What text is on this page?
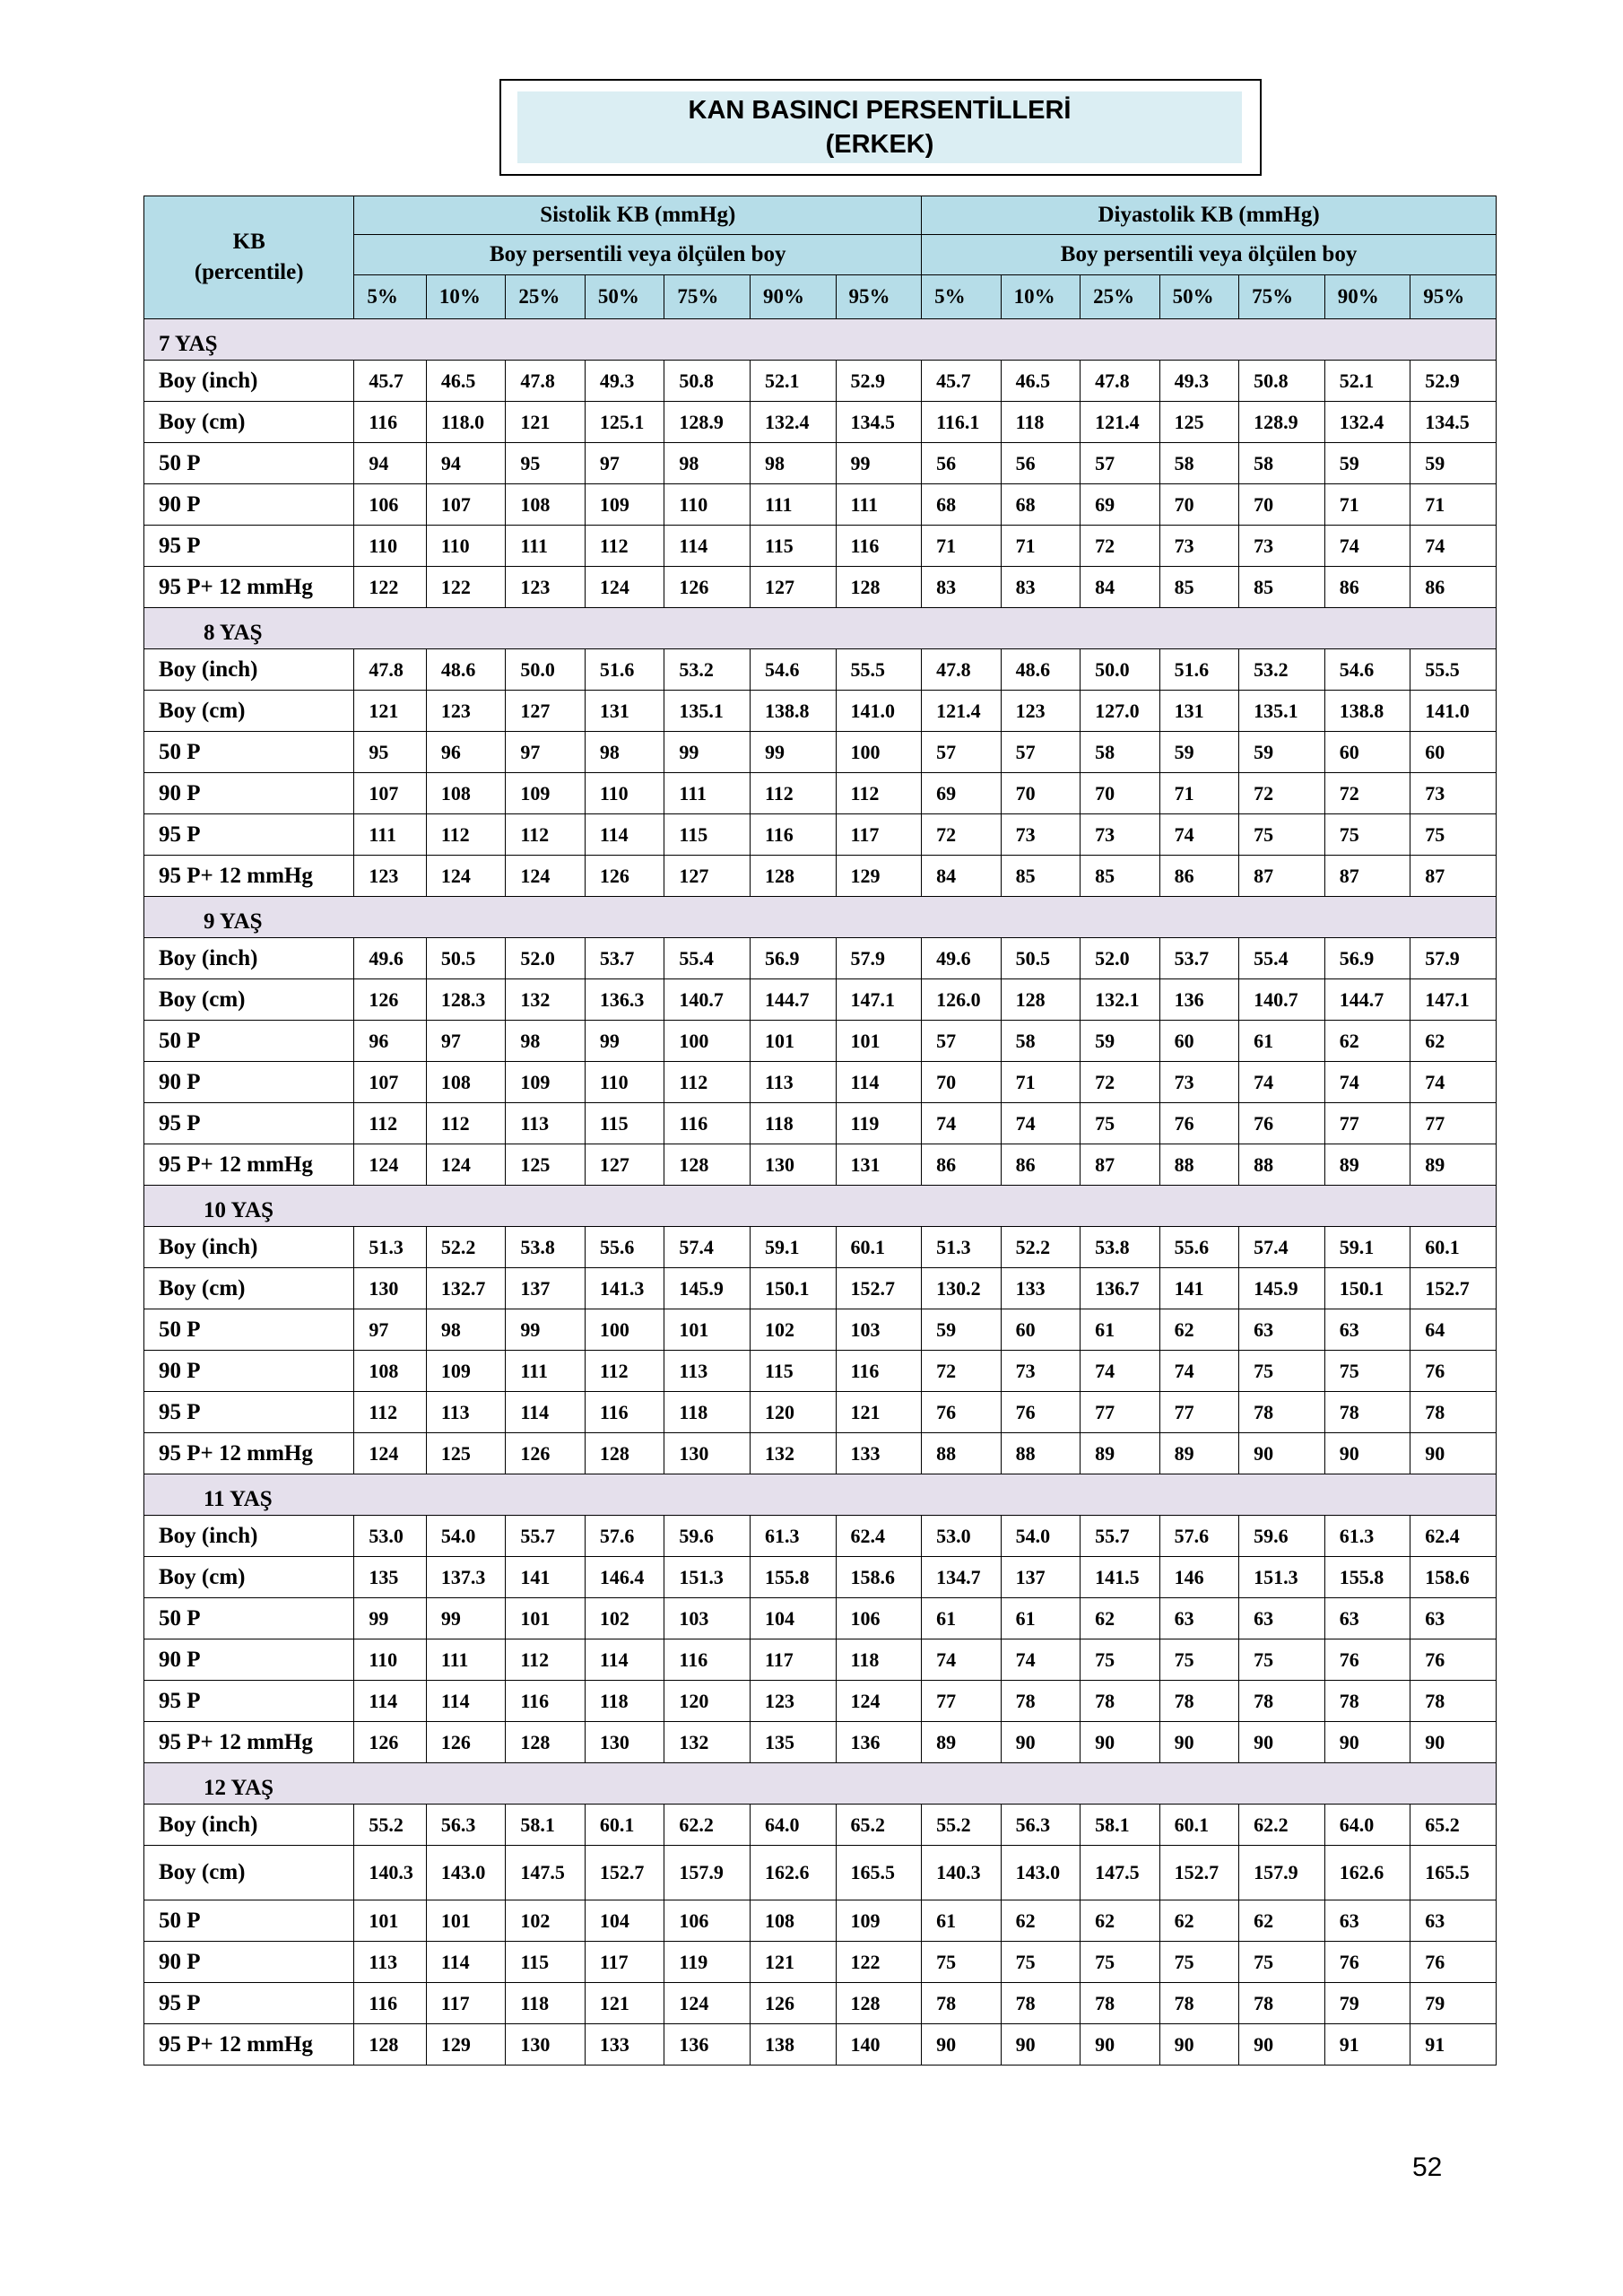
KAN BASINCI PERSENTİLLERİ
(ERKEK)
KB
(percentile)	Sistolik KB (mmHg)							Diyastolik KB (mmHg)						
	Boy persentili veya ölçülen boy							Boy persentili veya ölçülen boy						
	5%	10%	25%	50%	75%	90%	95%	5%	10%	25%	50%	75%	90%	95%
7 YAŞ														
Boy (inch)	45.7	46.5	47.8	49.3	50.8	52.1	52.9	45.7	46.5	47.8	49.3	50.8	52.1	52.9
Boy (cm)	116	118.0	121	125.1	128.9	132.4	134.5	116.1	118	121.4	125	128.9	132.4	134.5
50 P	94	94	95	97	98	98	99	56	56	57	58	58	59	59
90 P	106	107	108	109	110	111	111	68	68	69	70	70	71	71
95 P	110	110	111	112	114	115	116	71	71	72	73	73	74	74
95 P+ 12 mmHg	122	122	123	124	126	127	128	83	83	84	85	85	86	86
8 YAŞ														
Boy (inch)	47.8	48.6	50.0	51.6	53.2	54.6	55.5	47.8	48.6	50.0	51.6	53.2	54.6	55.5
Boy (cm)	121	123	127	131	135.1	138.8	141.0	121.4	123	127.0	131	135.1	138.8	141.0
50 P	95	96	97	98	99	99	100	57	57	58	59	59	60	60
90 P	107	108	109	110	111	112	112	69	70	70	71	72	72	73
95 P	111	112	112	114	115	116	117	72	73	73	74	75	75	75
95 P+ 12 mmHg	123	124	124	126	127	128	129	84	85	85	86	87	87	87
9 YAŞ														
Boy (inch)	49.6	50.5	52.0	53.7	55.4	56.9	57.9	49.6	50.5	52.0	53.7	55.4	56.9	57.9
Boy (cm)	126	128.3	132	136.3	140.7	144.7	147.1	126.0	128	132.1	136	140.7	144.7	147.1
50 P	96	97	98	99	100	101	101	57	58	59	60	61	62	62
90 P	107	108	109	110	112	113	114	70	71	72	73	74	74	74
95 P	112	112	113	115	116	118	119	74	74	75	76	76	77	77
95 P+ 12 mmHg	124	124	125	127	128	130	131	86	86	87	88	88	89	89
10 YAŞ														
Boy (inch)	51.3	52.2	53.8	55.6	57.4	59.1	60.1	51.3	52.2	53.8	55.6	57.4	59.1	60.1
Boy (cm)	130	132.7	137	141.3	145.9	150.1	152.7	130.2	133	136.7	141	145.9	150.1	152.7
50 P	97	98	99	100	101	102	103	59	60	61	62	63	63	64
90 P	108	109	111	112	113	115	116	72	73	74	74	75	75	76
95 P	112	113	114	116	118	120	121	76	76	77	77	78	78	78
95 P+ 12 mmHg	124	125	126	128	130	132	133	88	88	89	89	90	90	90
11 YAŞ														
Boy (inch)	53.0	54.0	55.7	57.6	59.6	61.3	62.4	53.0	54.0	55.7	57.6	59.6	61.3	62.4
Boy (cm)	135	137.3	141	146.4	151.3	155.8	158.6	134.7	137	141.5	146	151.3	155.8	158.6
50 P	99	99	101	102	103	104	106	61	61	62	63	63	63	63
90 P	110	111	112	114	116	117	118	74	74	75	75	75	76	76
95 P	114	114	116	118	120	123	124	77	78	78	78	78	78	78
95 P+ 12 mmHg	126	126	128	130	132	135	136	89	90	90	90	90	90	90
12 YAŞ														
Boy (inch)	55.2	56.3	58.1	60.1	62.2	64.0	65.2	55.2	56.3	58.1	60.1	62.2	64.0	65.2
Boy (cm)	140.3	143.0	147.5	152.7	157.9	162.6	165.5	140.3	143.0	147.5	152.7	157.9	162.6	165.5
50 P	101	101	102	104	106	108	109	61	62	62	62	62	63	63
90 P	113	114	115	117	119	121	122	75	75	75	75	75	76	76
95 P	116	117	118	121	124	126	128	78	78	78	78	78	79	79
95 P+ 12 mmHg	128	129	130	133	136	138	140	90	90	90	90	90	91	91
52
